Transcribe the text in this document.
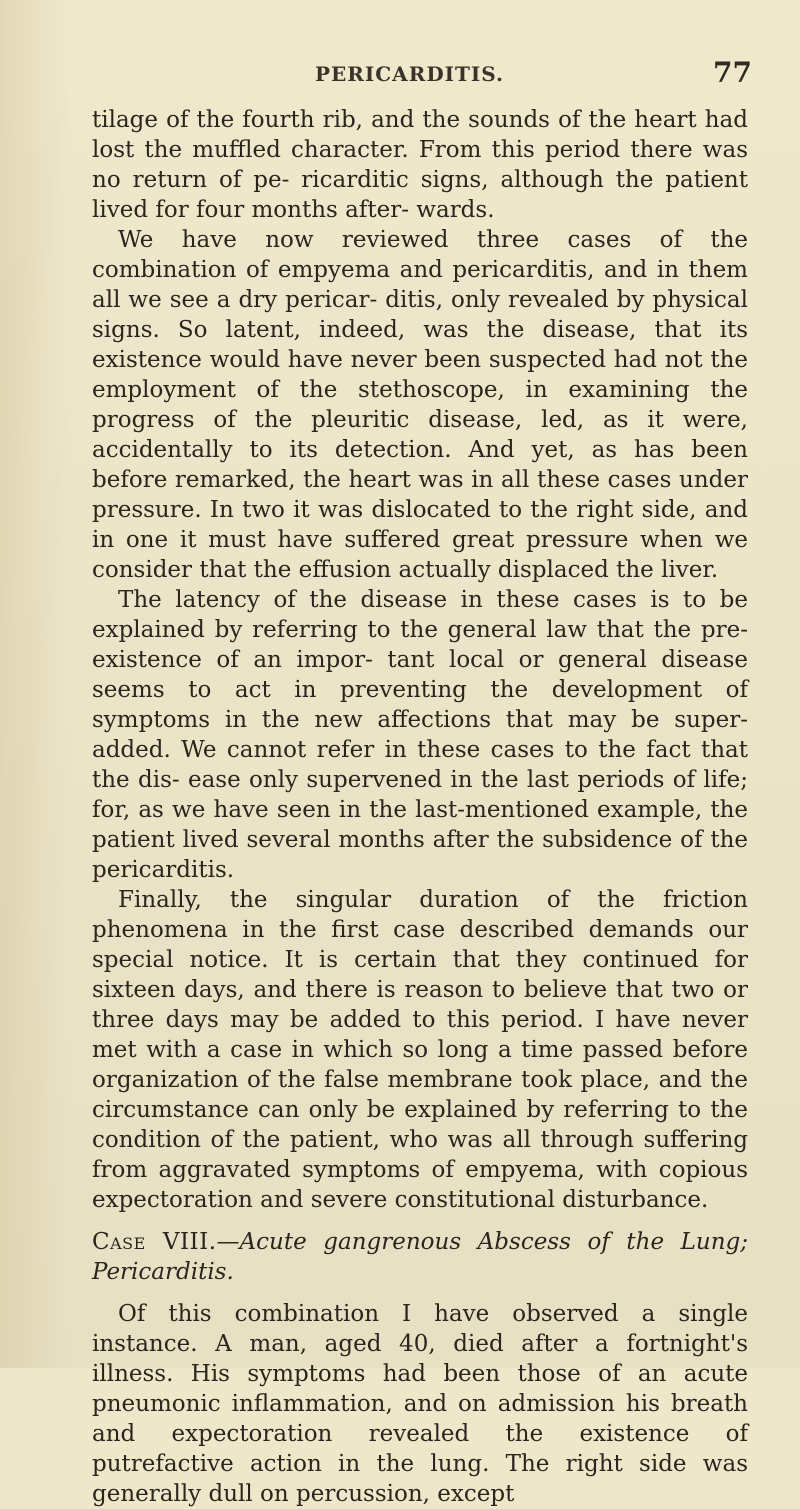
PERICARDITIS.	77

tilage of the fourth rib, and the sounds of the heart had lost the muffled character. From this period there was no return of pe- ricarditic signs, although the patient lived for four months after- wards.

We have now reviewed three cases of the combination of empyema and pericarditis, and in them all we see a dry pericar- ditis, only revealed by physical signs. So latent, indeed, was the disease, that its existence would have never been suspected had not the employment of the stethoscope, in examining the progress of the pleuritic disease, led, as it were, accidentally to its detection. And yet, as has been before remarked, the heart was in all these cases under pressure. In two it was dislocated to the right side, and in one it must have suffered great pressure when we consider that the effusion actually displaced the liver.

The latency of the disease in these cases is to be explained by referring to the general law that the pre-existence of an impor- tant local or general disease seems to act in preventing the development of symptoms in the new affections that may be super- added. We cannot refer in these cases to the fact that the dis- ease only supervened in the last periods of life; for, as we have seen in the last-mentioned example, the patient lived several months after the subsidence of the pericarditis.

Finally, the singular duration of the friction phenomena in the first case described demands our special notice. It is certain that they continued for sixteen days, and there is reason to believe that two or three days may be added to this period. I have never met with a case in which so long a time passed before organization of the false membrane took place, and the circumstance can only be explained by referring to the condition of the patient, who was all through suffering from aggravated symptoms of empyema, with copious expectoration and severe constitutional disturbance.

Case VIII.—Acute gangrenous Abscess of the Lung; Pericarditis.

Of this combination I have observed a single instance. A man, aged 40, died after a fortnight's illness. His symptoms had been those of an acute pneumonic inflammation, and on admission his breath and expectoration revealed the existence of putrefactive action in the lung. The right side was generally dull on percussion, except
